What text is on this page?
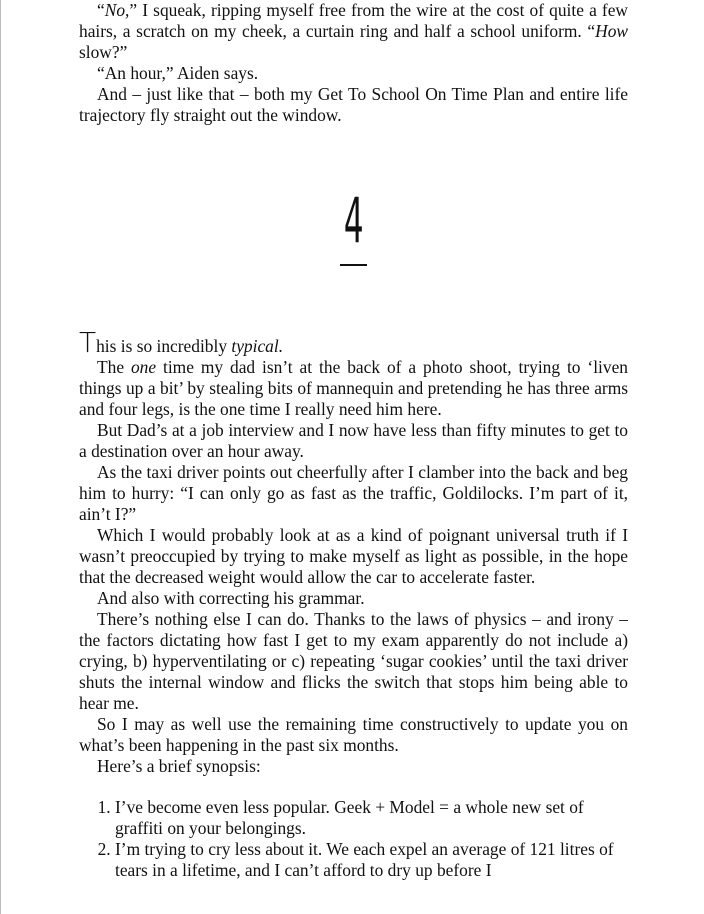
“No,” I squeak, ripping myself free from the wire at the cost of quite a few hairs, a scratch on my cheek, a curtain ring and half a school uniform. “How slow?”

“An hour,” Aiden says.

And – just like that – both my Get To School On Time Plan and entire life trajectory fly straight out the window.

4

This is so incredibly typical.

The one time my dad isn’t at the back of a photo shoot, trying to ‘liven things up a bit’ by stealing bits of mannequin and pretending he has three arms and four legs, is the one time I really need him here.

But Dad’s at a job interview and I now have less than fifty minutes to get to a destination over an hour away.

As the taxi driver points out cheerfully after I clamber into the back and beg him to hurry: “I can only go as fast as the traffic, Goldilocks. I’m part of it, ain’t I?”

Which I would probably look at as a kind of poignant universal truth if I wasn’t preoccupied by trying to make myself as light as possible, in the hope that the decreased weight would allow the car to accelerate faster.

And also with correcting his grammar.

There’s nothing else I can do. Thanks to the laws of physics – and irony – the factors dictating how fast I get to my exam apparently do not include a) crying, b) hyperventilating or c) repeating ‘sugar cookies’ until the taxi driver shuts the internal window and flicks the switch that stops him being able to hear me.

So I may as well use the remaining time constructively to update you on what’s been happening in the past six months.

Here’s a brief synopsis:

1. I’ve become even less popular. Geek + Model = a whole new set of graffiti on your belongings.
2. I’m trying to cry less about it. We each expel an average of 121 litres of tears in a lifetime, and I can’t afford to dry up before I
